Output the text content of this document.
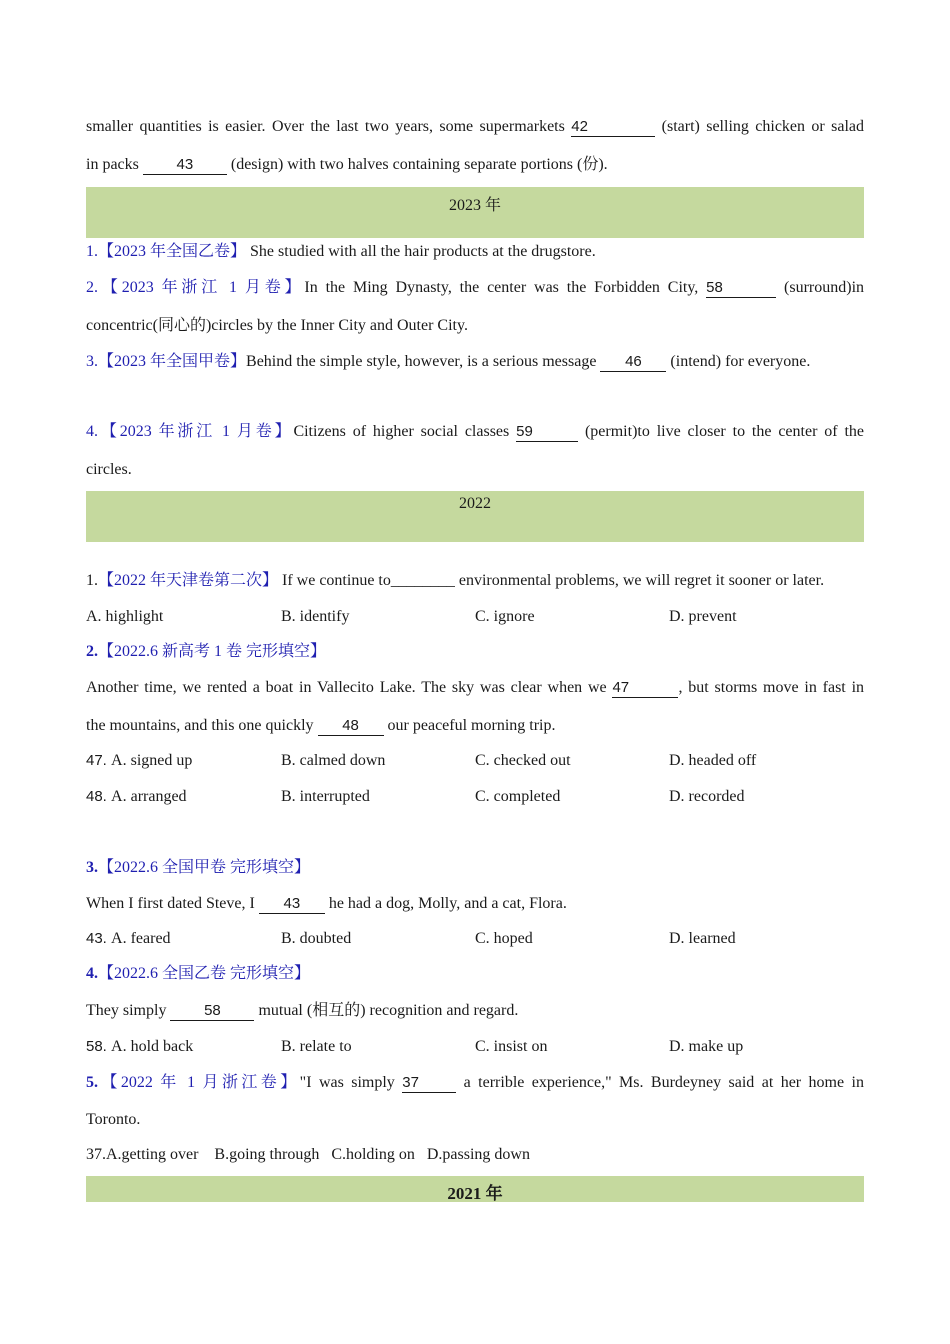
smaller quantities is easier. Over the last two years, some supermarkets 42	(start) selling chicken or salad
in packs 43 (design) with two halves containing separate portions (份).
2023 年
1.【2023 年全国乙卷】 She studied with all the hair products at the drugstore.
2.【2023 年浙江 1 月卷】In the Ming Dynasty, the center was the Forbidden City, 58	(surround)in
concentric(同心的)circles by the Inner City and Outer City.
3.【2023 年全国甲卷】Behind the simple style, however, is a serious message 46 (intend) for everyone.
4.【2023 年浙江 1 月卷】Citizens of higher social classes 59	(permit)to live closer to the center of the
circles.
2022
1.【2022 年天津卷第二次】 If we continue to________ environmental problems, we will regret it sooner or later.
A. highlight	B. identify	C. ignore	D. prevent
2.【2022.6 新高考 1 卷 完形填空】
Another time, we rented a boat in Vallecito Lake. The sky was clear when we 47	, but storms move in fast in
the mountains, and this one quickly 48 our peaceful morning trip.
47. A. signed up	B. calmed down	C. checked out	D. headed off
48. A. arranged	B. interrupted	C. completed	D. recorded
3.【2022.6 全国甲卷 完形填空】
When I first dated Steve, I 43 he had a dog, Molly, and a cat, Flora.
43. A. feared	B. doubted	C. hoped	D. learned
4.【2022.6 全国乙卷 完形填空】
They simply 58 mutual (相互的) recognition and regard.
58. A. hold back	B. relate to	C. insist on	D. make up
5.【2022 年 1 月浙江卷】"I was simply 37 a terrible experience," Ms. Burdeyney said at her home in
Toronto.
37.A.getting over    B.going through   C.holding on   D.passing down
2021 年
